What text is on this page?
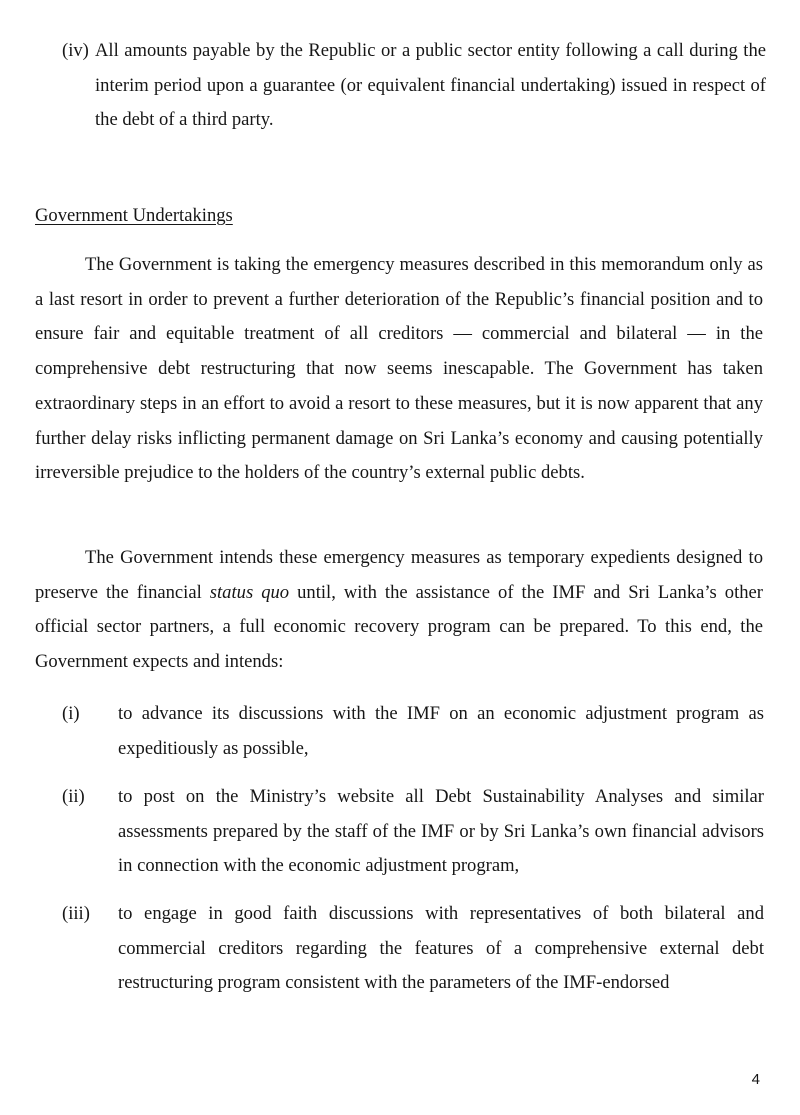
(iv) All amounts payable by the Republic or a public sector entity following a call during the interim period upon a guarantee (or equivalent financial undertaking) issued in respect of the debt of a third party.
Government Undertakings

The Government is taking the emergency measures described in this memorandum only as a last resort in order to prevent a further deterioration of the Republic’s financial position and to ensure fair and equitable treatment of all creditors — commercial and bilateral — in the comprehensive debt restructuring that now seems inescapable. The Government has taken extraordinary steps in an effort to avoid a resort to these measures, but it is now apparent that any further delay risks inflicting permanent damage on Sri Lanka’s economy and causing potentially irreversible prejudice to the holders of the country’s external public debts.

The Government intends these emergency measures as temporary expedients designed to preserve the financial status quo until, with the assistance of the IMF and Sri Lanka’s other official sector partners, a full economic recovery program can be prepared. To this end, the Government expects and intends:

(i)	to advance its discussions with the IMF on an economic adjustment program as expeditiously as possible,
(ii)	to post on the Ministry’s website all Debt Sustainability Analyses and similar assessments prepared by the staff of the IMF or by Sri Lanka’s own financial advisors in connection with the economic adjustment program,
(iii)	to engage in good faith discussions with representatives of both bilateral and commercial creditors regarding the features of a comprehensive external debt restructuring program consistent with the parameters of the IMF-endorsed
4
